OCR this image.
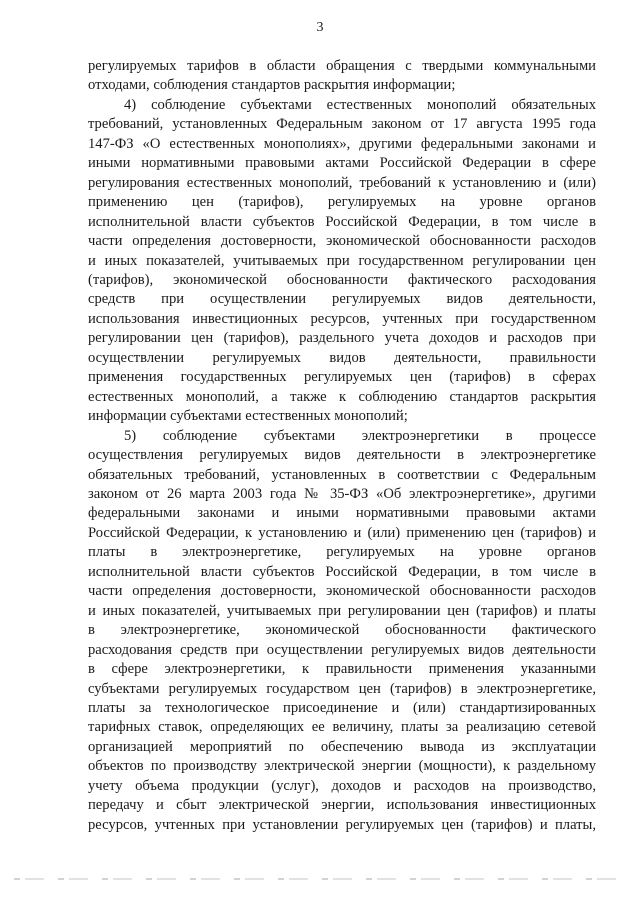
3
регулируемых тарифов в области обращения с твердыми коммунальными
отходами, соблюдения стандартов раскрытия информации;
4) соблюдение субъектами естественных монополий обязательных
требований, установленных Федеральным законом от 17 августа 1995 года
147-ФЗ «О естественных монополиях», другими федеральными законами и
иными нормативными правовыми актами Российской Федерации в сфере
регулирования естественных монополий, требований к установлению и (или)
применению цен (тарифов), регулируемых на уровне органов
исполнительной власти субъектов Российской Федерации, в том числе в
части определения достоверности, экономической обоснованности расходов
и иных показателей, учитываемых при государственном регулировании цен
(тарифов), экономической обоснованности фактического расходования
средств при осуществлении регулируемых видов деятельности,
использования инвестиционных ресурсов, учтенных при государственном
регулировании цен (тарифов), раздельного учета доходов и расходов при
осуществлении регулируемых видов деятельности, правильности
применения государственных регулируемых цен (тарифов) в сферах
естественных монополий, а также к соблюдению стандартов раскрытия
информации субъектами естественных монополий;
5) соблюдение субъектами электроэнергетики в процессе
осуществления регулируемых видов деятельности в электроэнергетике
обязательных требований, установленных в соответствии с Федеральным
законом от 26 марта 2003 года № 35-ФЗ «Об электроэнергетике», другими
федеральными законами и иными нормативными правовыми актами
Российской Федерации, к установлению и (или) применению цен (тарифов) и
платы в электроэнергетике, регулируемых на уровне органов
исполнительной власти субъектов Российской Федерации, в том числе в
части определения достоверности, экономической обоснованности расходов
и иных показателей, учитываемых при регулировании цен (тарифов) и платы
в электроэнергетике, экономической обоснованности фактического
расходования средств при осуществлении регулируемых видов деятельности
в сфере электроэнергетики, к правильности применения указанными
субъектами регулируемых государством цен (тарифов) в электроэнергетике,
платы за технологическое присоединение и (или) стандартизированных
тарифных ставок, определяющих ее величину, платы за реализацию сетевой
организацией мероприятий по обеспечению вывода из эксплуатации
объектов по производству электрической энергии (мощности), к раздельному
учету объема продукции (услуг), доходов и расходов на производство,
передачу и сбыт электрической энергии, использования инвестиционных
ресурсов, учтенных при установлении регулируемых цен (тарифов) и платы,
